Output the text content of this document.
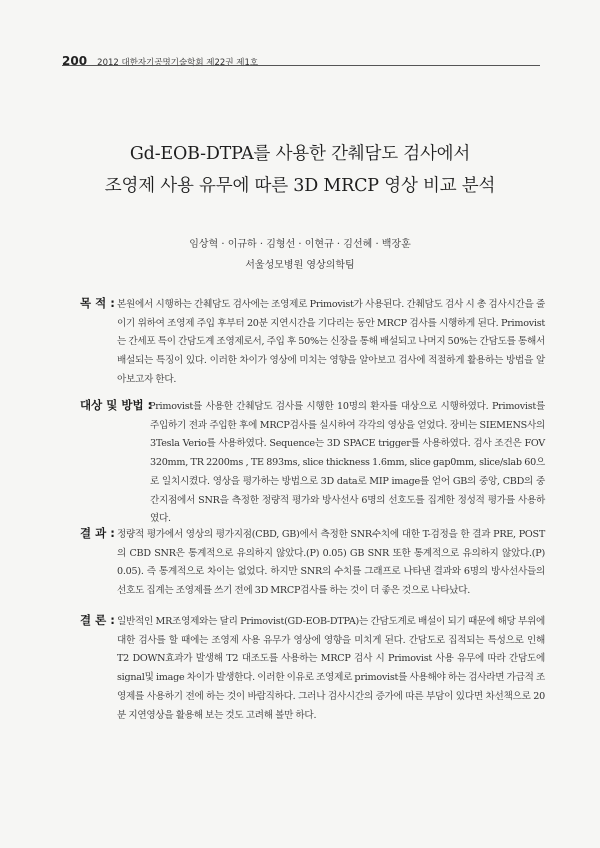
200 2012 대한자기공명기술학회 제22권 제1호
Gd-EOB-DTPA를 사용한 간췌담도 검사에서
조영제 사용 유무에 따른 3D MRCP 영상 비교 분석
임상혁 · 이규하 · 김형선 · 이현규 · 김선혜 · 백장훈
서울성모병원 영상의학팀
목 적 : 본원에서 시행하는 간췌담도 검사에는 조영제로 Primovist가 사용된다. 간췌담도 검사 시 총 검사시간을 줄이기 위하여 조영제 주입 후부터 20분 지연시간을 기다리는 동안 MRCP 검사를 시행하게 된다. Primovist는 간세포 특이 간담도계 조영제로서, 주입 후 50%는 신장을 통해 배설되고 나머지 50%는 간담도를 통해서 배설되는 특징이 있다. 이러한 차이가 영상에 미치는 영향을 알아보고 검사에 적절하게 활용하는 방법을 알아보고자 한다.
대상 및 방법 :
Primovist를 사용한 간췌담도 검사를 시행한 10명의 환자를 대상으로 시행하였다. Primovist를 주입하기 전과 주입한 후에 MRCP검사를 실시하여 각각의 영상을 얻었다. 장비는 SIEMENS사의 3Tesla Verio를 사용하였다. Sequence는 3D SPACE trigger를 사용하였다. 검사 조건은 FOV 320mm, TR 2200ms , TE 893ms, slice thickness 1.6mm, slice gap0mm, slice/slab 60으로 일치시켰다. 영상을 평가하는 방법으로 3D data로 MIP image를 얻어 GB의 중앙, CBD의 중간지점에서 SNR을 측정한 정량적 평가와 방사선사 6명의 선호도를 집계한 정성적 평가를 사용하였다.
결 과 : 정량적 평가에서 영상의 평가지점(CBD, GB)에서 측정한 SNR수치에 대한 T-검정을 한 결과 PRE, POST의 CBD SNR은 통계적으로 유의하지 않았다.(P) 0.05) GB SNR 또한 통계적으로 유의하지 않았다.(P) 0.05). 즉 통계적으로 차이는 없었다. 하지만 SNR의 수치를 그래프로 나타낸 결과와 6명의 방사선사들의 선호도 집계는 조영제를 쓰기 전에 3D MRCP검사를 하는 것이 더 좋은 것으로 나타났다.
결 론 : 일반적인 MR조영제와는 달리 Primovist(GD-EOB-DTPA)는 간담도계로 배설이 되기 때문에 해당 부위에 대한 검사를 할 때에는 조영제 사용 유무가 영상에 영향을 미치게 된다. 간담도로 집적되는 특성으로 인해 T2 DOWN효과가 발생해 T2 대조도를 사용하는 MRCP 검사 시 Primovist 사용 유무에 따라 간담도에 signal및 image 차이가 발생한다. 이러한 이유로 조영제로 primovist를 사용해야 하는 검사라면 가급적 조영제를 사용하기 전에 하는 것이 바람직하다. 그러나 검사시간의 증가에 따른 부담이 있다면 차선책으로 20분 지연영상을 활용해 보는 것도 고려해 볼만 하다.
